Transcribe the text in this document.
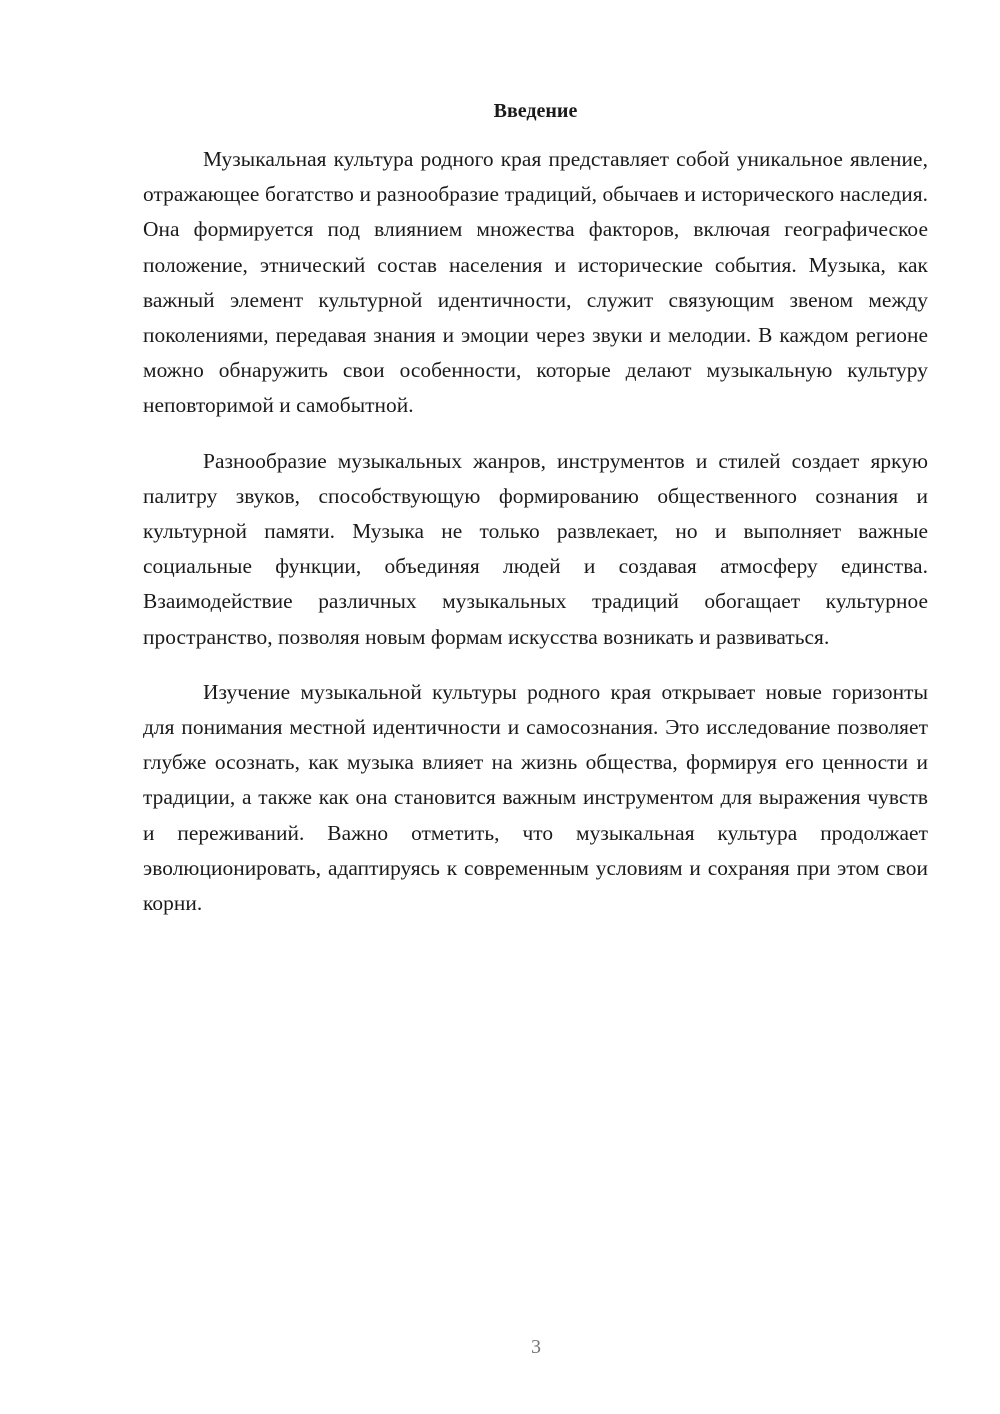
Введение

Музыкальная культура родного края представляет собой уникальное явление, отражающее богатство и разнообразие традиций, обычаев и исторического наследия. Она формируется под влиянием множества факторов, включая географическое положение, этнический состав населения и исторические события. Музыка, как важный элемент культурной идентичности, служит связующим звеном между поколениями, передавая знания и эмоции через звуки и мелодии. В каждом регионе можно обнаружить свои особенности, которые делают музыкальную культуру неповторимой и самобытной.

Разнообразие музыкальных жанров, инструментов и стилей создает яркую палитру звуков, способствующую формированию общественного сознания и культурной памяти. Музыка не только развлекает, но и выполняет важные социальные функции, объединяя людей и создавая атмосферу единства. Взаимодействие различных музыкальных традиций обогащает культурное пространство, позволяя новым формам искусства возникать и развиваться.

Изучение музыкальной культуры родного края открывает новые горизонты для понимания местной идентичности и самосознания. Это исследование позволяет глубже осознать, как музыка влияет на жизнь общества, формируя его ценности и традиции, а также как она становится важным инструментом для выражения чувств и переживаний. Важно отметить, что музыкальная культура продолжает эволюционировать, адаптируясь к современным условиям и сохраняя при этом свои корни.

3
